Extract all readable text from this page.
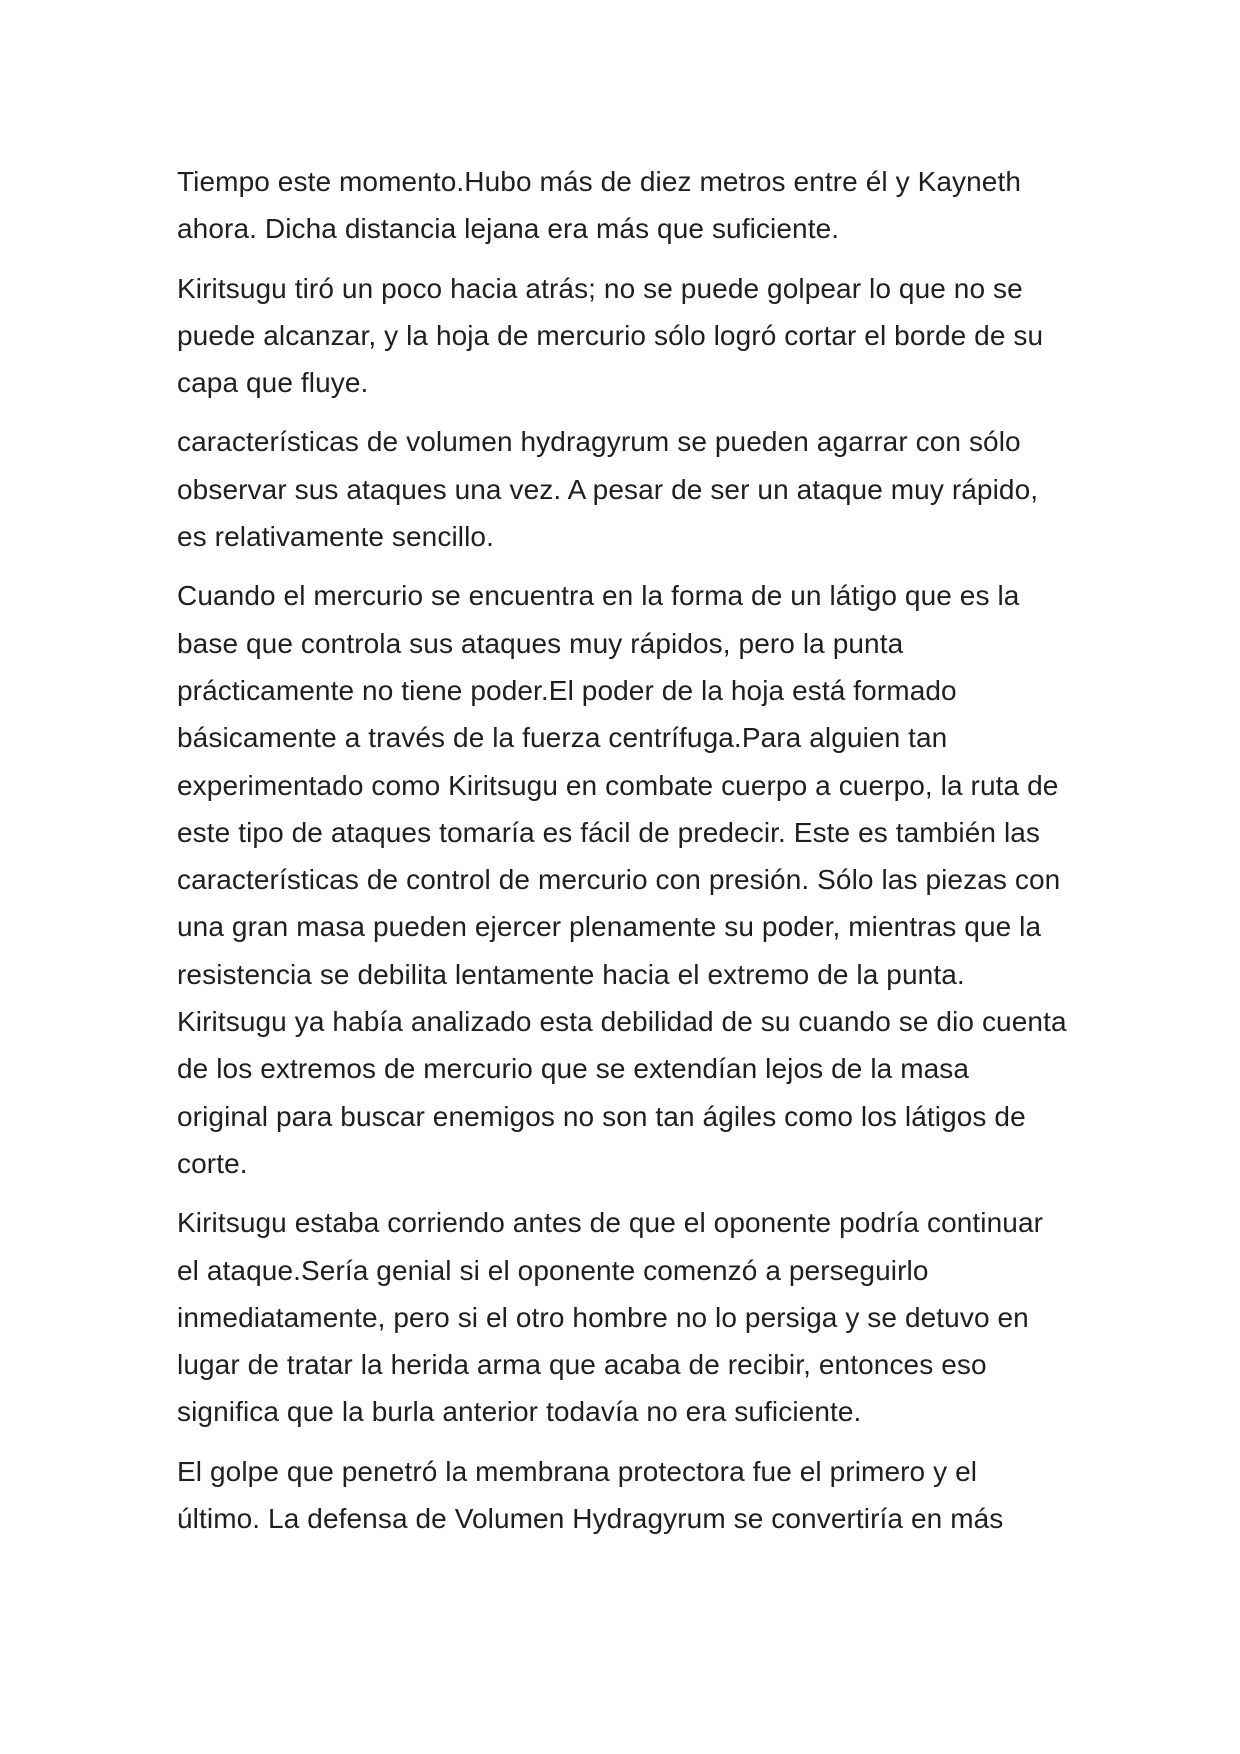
Tiempo este momento.Hubo más de diez metros entre él y Kayneth ahora. Dicha distancia lejana era más que suficiente.

Kiritsugu tiró un poco hacia atrás; no se puede golpear lo que no se puede alcanzar, y la hoja de mercurio sólo logró cortar el borde de su capa que fluye.

características de volumen hydragyrum se pueden agarrar con sólo observar sus ataques una vez. A pesar de ser un ataque muy rápido, es relativamente sencillo.

Cuando el mercurio se encuentra en la forma de un látigo que es la base que controla sus ataques muy rápidos, pero la punta prácticamente no tiene poder.El poder de la hoja está formado básicamente a través de la fuerza centrífuga.Para alguien tan experimentado como Kiritsugu en combate cuerpo a cuerpo, la ruta de este tipo de ataques tomaría es fácil de predecir. Este es también las características de control de mercurio con presión. Sólo las piezas con una gran masa pueden ejercer plenamente su poder, mientras que la resistencia se debilita lentamente hacia el extremo de la punta. Kiritsugu ya había analizado esta debilidad de su cuando se dio cuenta de los extremos de mercurio que se extendían lejos de la masa original para buscar enemigos no son tan ágiles como los látigos de corte.

Kiritsugu estaba corriendo antes de que el oponente podría continuar el ataque.Sería genial si el oponente comenzó a perseguirlo inmediatamente, pero si el otro hombre no lo persiga y se detuvo en lugar de tratar la herida arma que acaba de recibir, entonces eso significa que la burla anterior todavía no era suficiente.

El golpe que penetró la membrana protectora fue el primero y el último. La defensa de Volumen Hydragyrum se convertiría en más
